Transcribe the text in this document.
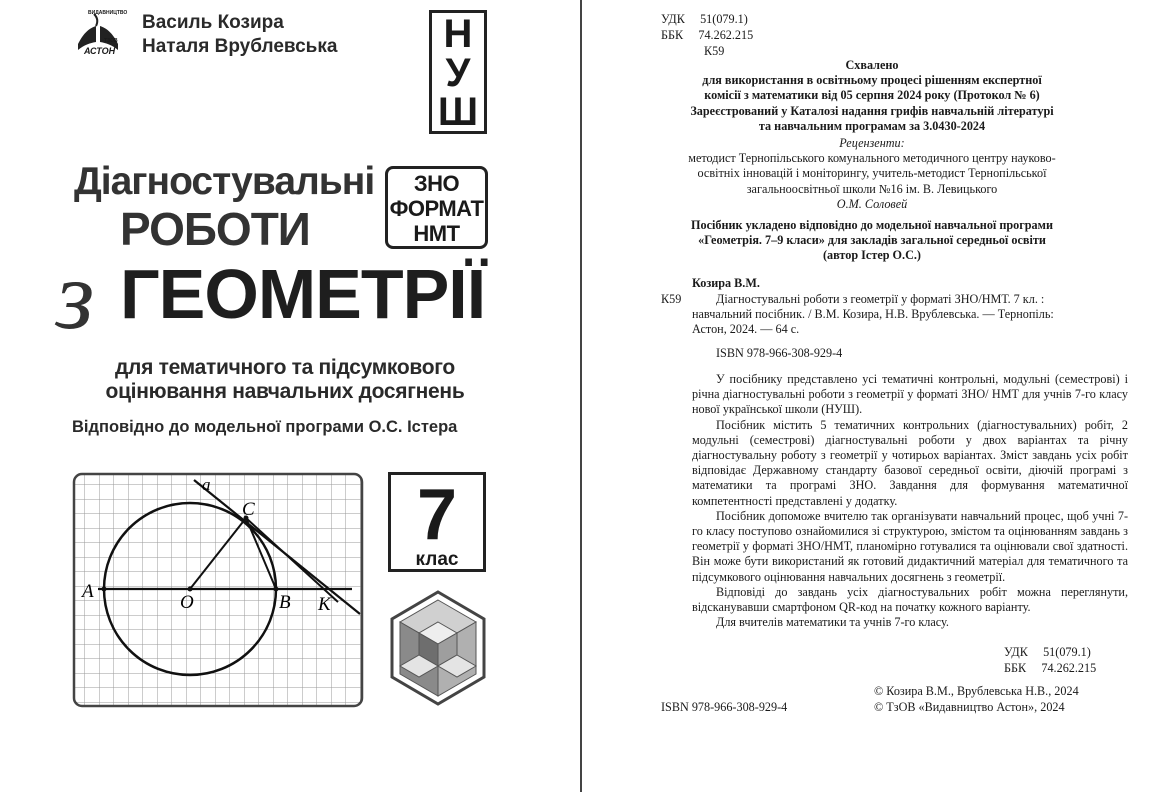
ВИДАВНИЦТВО
ТЗОВ
АСТОН
Василь Козира
Наталя Врублевська	Н
У
Ш
Діагностувальні
РОБОТИ
з ГЕОМЕТРІЇ
ЗНО
ФОРМАТ
НМТ
для тематичного та підсумкового
оцінювання навчальних досягнень
Відповідно до модельної програми О.С. Істера
a
C
A
O	B K
7
клас
УДК     51(079.1)
ББК     74.262.215
К59
Схвалено
для використання в освітньому процесі рішенням експертної
комісії з математики від 05 серпня 2024 року (Протокол № 6)
Зареєстрований у Каталозі надання грифів навчальній літературі
та навчальним програмам за 3.0430-2024
Рецензенти:
методист Тернопільського комунального методичного центру науково-
освітніх інновацій і моніторингу, учитель-методист Тернопільської
загальноосвітньої школи №16 ім. В. Левицького
О.М. Соловей
Посібник укладено відповідно до модельної навчальної програми
«Геометрія. 7–9 класи» для закладів загальної середньої освіти
(автор Істер О.С.)
Козира В.М.
К59	Діагностувальні роботи з геометрії у форматі ЗНО/НМТ. 7 кл. :
навчальний посібник. / В.М. Козира, Н.В. Врублевська. — Тернопіль:
Астон, 2024. — 64 с.
ISBN 978-966-308-929-4

У посібнику представлено усі тематичні контрольні, модульні (семестрові) і річна діагностувальні роботи з геометрії у форматі ЗНО/ НМТ для учнів 7-го класу нової української школи (НУШ).

Посібник містить 5 тематичних контрольних (діагностувальних) робіт, 2 модульні (семестрові) діагностувальні роботи у двох варіантах та річну діагностувальну роботу з геометрії у чотирьох варіантах. Зміст завдань усіх робіт відповідає Державному стандарту базової середньої освіти, діючій програмі з математики та програмі ЗНО. Завдання для формування математичної компетентності представлені у додатку.

Посібник допоможе вчителю так організувати навчальний процес, щоб учні 7-го класу поступово ознайомилися зі структурою, змістом та оцінюванням завдань з геометрії у форматі ЗНО/НМТ, планомірно готувалися та оцінювали свої здатності. Він може бути використаний як готовий дидактичний матеріал для тематичного та підсумкового оцінювання навчальних досягнень з геометрії.

Відповіді до завдань усіх діагностувальних робіт можна переглянути, відсканувавши смартфоном QR-код на початку кожного варіанту.

Для вчителів математики та учнів 7-го класу.

УДК     51(079.1)
ББК     74.262.215
© Козира В.М., Врублевська Н.В., 2024
ISBN 978-966-308-929-4	© ТзОВ «Видавництво Астон», 2024
